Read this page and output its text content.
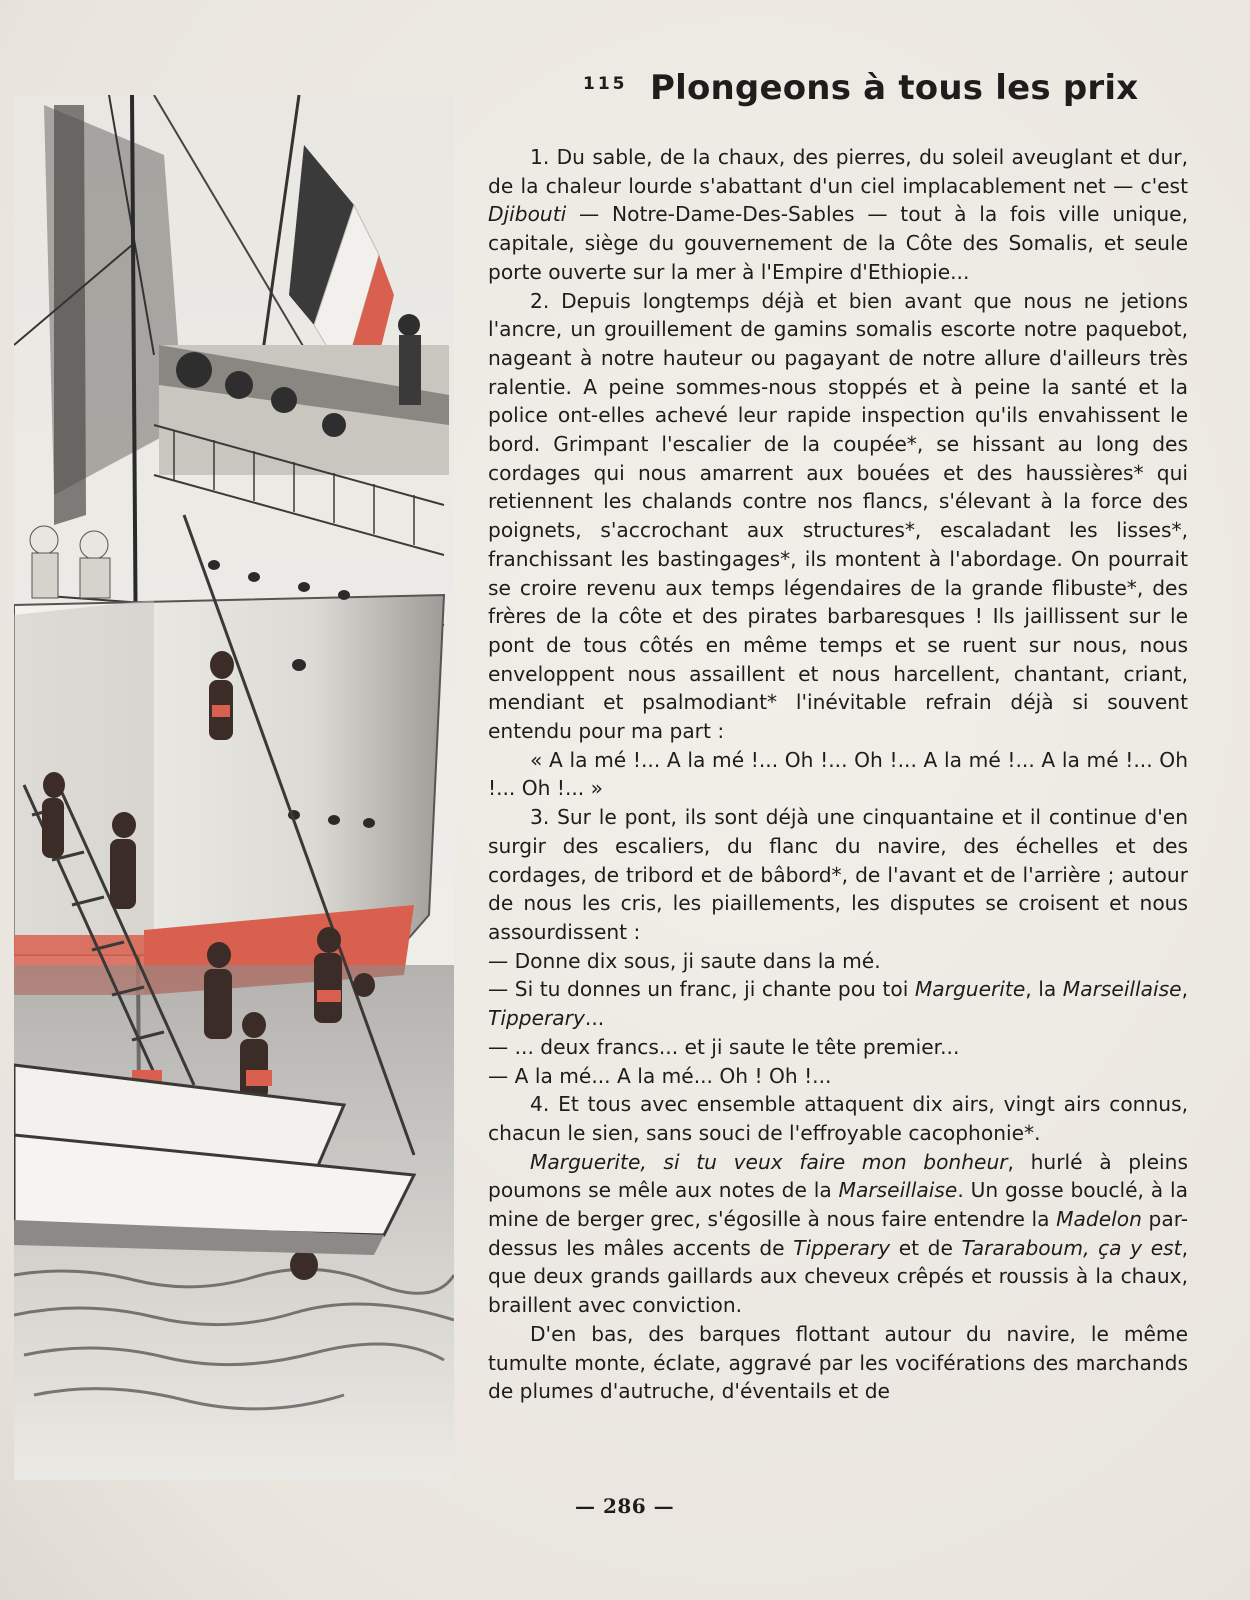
115 Plongeons à tous les prix

1. Du sable, de la chaux, des pierres, du soleil aveuglant et dur, de la chaleur lourde s'abattant d'un ciel implacablement net — c'est Djibouti — Notre-Dame-Des-Sables — tout à la fois ville unique, capitale, siège du gouvernement de la Côte des Somalis, et seule porte ouverte sur la mer à l'Empire d'Ethiopie...

2. Depuis longtemps déjà et bien avant que nous ne jetions l'ancre, un grouillement de gamins somalis escorte notre paquebot, nageant à notre hauteur ou pagayant de notre allure d'ailleurs très ralentie. A peine sommes-nous stoppés et à peine la santé et la police ont-elles achevé leur rapide inspection qu'ils envahissent le bord. Grimpant l'escalier de la coupée*, se hissant au long des cordages qui nous amarrent aux bouées et des haussières* qui retiennent les chalands contre nos flancs, s'élevant à la force des poignets, s'accrochant aux structures*, escaladant les lisses*, franchissant les bastingages*, ils montent à l'abordage. On pourrait se croire revenu aux temps légendaires de la grande flibuste*, des frères de la côte et des pirates barbaresques ! Ils jaillissent sur le pont de tous côtés en même temps et se ruent sur nous, nous enveloppent nous assaillent et nous harcellent, chantant, criant, mendiant et psalmodiant* l'inévitable refrain déjà si souvent entendu pour ma part :

« A la mé !... A la mé !... Oh !... Oh !... A la mé !... A la mé !... Oh !... Oh !... »

3. Sur le pont, ils sont déjà une cinquantaine et il continue d'en surgir des escaliers, du flanc du navire, des échelles et des cordages, de tribord et de bâbord*, de l'avant et de l'arrière ; autour de nous les cris, les piaillements, les disputes se croisent et nous assourdissent :

— Donne dix sous, ji saute dans la mé.

— Si tu donnes un franc, ji chante pou toi Marguerite, la Marseillaise, Tipperary...

— ... deux francs... et ji saute le tête premier...

— A la mé... A la mé... Oh ! Oh !...

4. Et tous avec ensemble attaquent dix airs, vingt airs connus, chacun le sien, sans souci de l'effroyable cacophonie*.

Marguerite, si tu veux faire mon bonheur, hurlé à pleins poumons se mêle aux notes de la Marseillaise. Un gosse bouclé, à la mine de berger grec, s'égosille à nous faire entendre la Madelon par-dessus les mâles accents de Tipperary et de Tararaboum, ça y est, que deux grands gaillards aux cheveux crêpés et roussis à la chaux, braillent avec conviction.

D'en bas, des barques flottant autour du navire, le même tumulte monte, éclate, aggravé par les vociférations des marchands de plumes d'autruche, d'éventails et de

— 286 —
